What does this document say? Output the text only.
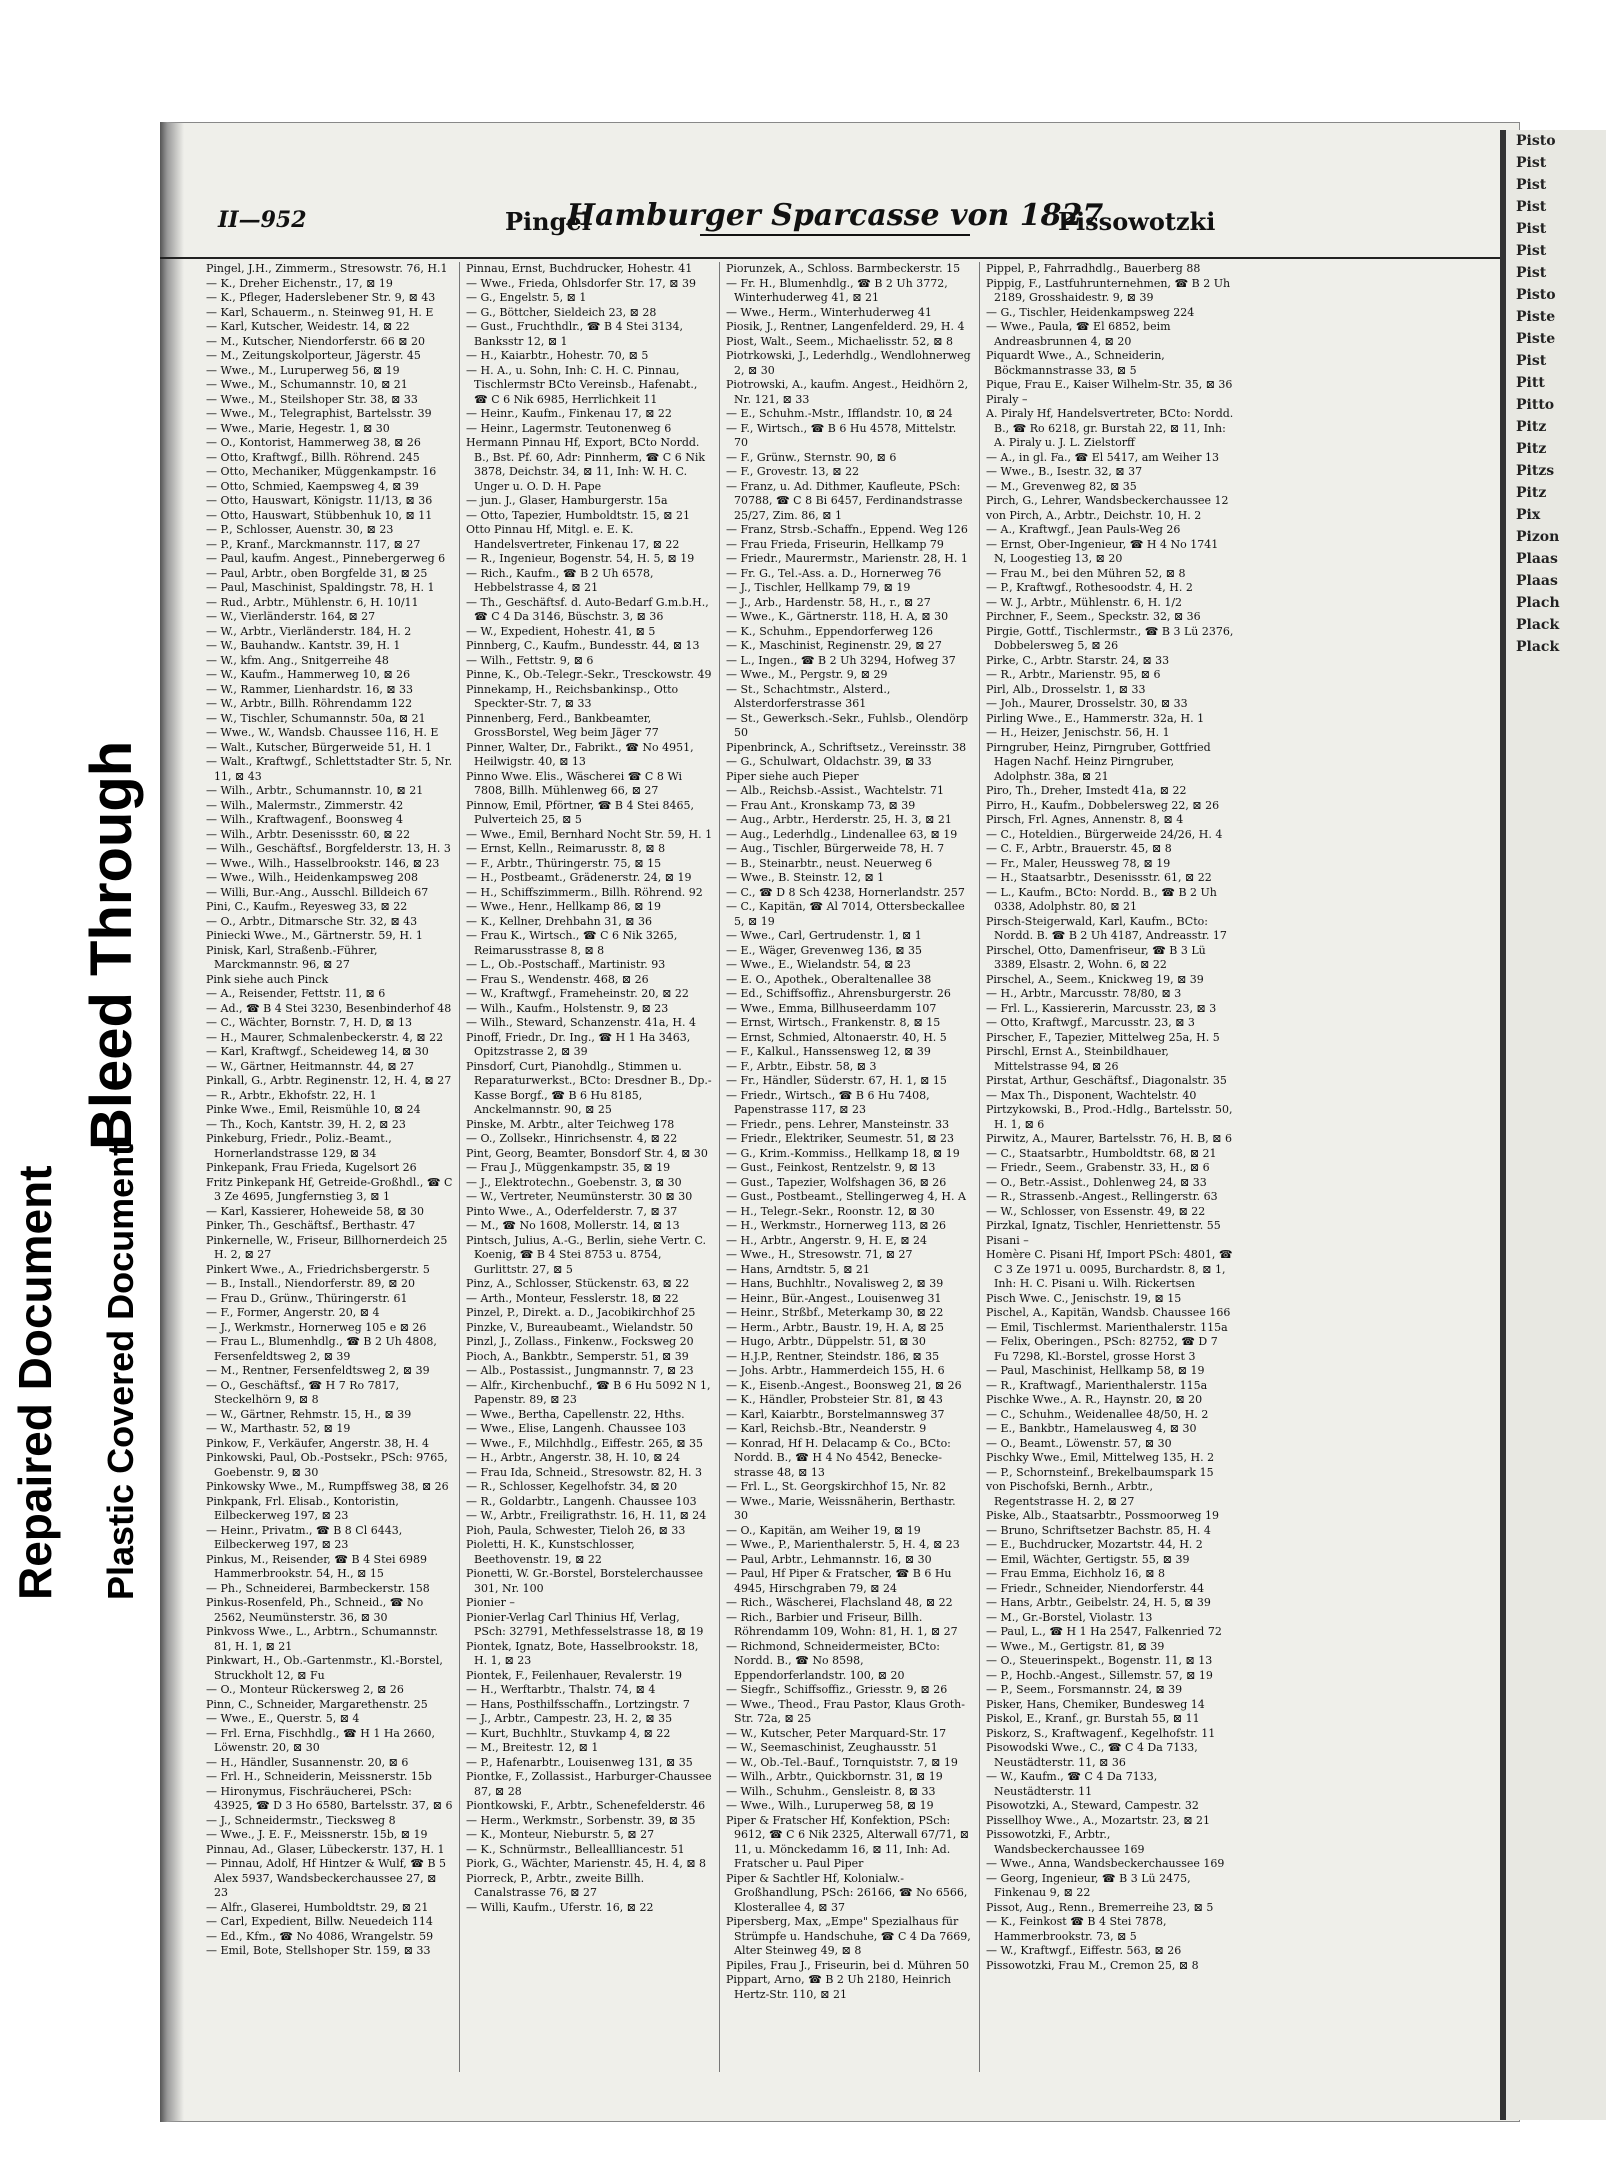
Bleed Through
Repaired Document Plastic Covered Document
II—952	Pingel
Hamburger Sparcasse von 1827
Pissowotzki
Pingel, J.H., Zimmerm., Stresowstr. 76, H.1
— K., Dreher Eichenstr., 17, ⊠ 19
— K., Pfleger, Haderslebener Str. 9, ⊠ 43
— Karl, Schauerm., n. Steinweg 91, H. E
— Karl, Kutscher, Weidestr. 14, ⊠ 22
— M., Kutscher, Niendorferstr. 66 ⊠ 20
— M., Zeitungskolporteur, Jägerstr. 45
— Wwe., M., Luruperweg 56, ⊠ 19
— Wwe., M., Schumannstr. 10, ⊠ 21
— Wwe., M., Steilshoper Str. 38, ⊠ 33
— Wwe., M., Telegraphist, Bartelsstr. 39
— Wwe., Marie, Hegestr. 1, ⊠ 30
— O., Kontorist, Hammerweg 38, ⊠ 26
— Otto, Kraftwgf., Billh. Röhrend. 245
— Otto, Mechaniker, Müggenkampstr. 16
— Otto, Schmied, Kaempsweg 4, ⊠ 39
— Otto, Hauswart, Königstr. 11/13, ⊠ 36
— Otto, Hauswart, Stübbenhuk 10, ⊠ 11
— P., Schlosser, Auenstr. 30, ⊠ 23
— P., Kranf., Marckmannstr. 117, ⊠ 27
— Paul, kaufm. Angest., Pinnebergerweg 6
— Paul, Arbtr., oben Borgfelde 31, ⊠ 25
— Paul, Maschinist, Spaldingstr. 78, H. 1
— Rud., Arbtr., Mühlenstr. 6, H. 10/11
— W., Vierländerstr. 164, ⊠ 27
— W., Arbtr., Vierländerstr. 184, H. 2
— W., Bauhandw.. Kantstr. 39, H. 1
— W., kfm. Ang., Snitgerreihe 48
— W., Kaufm., Hammerweg 10, ⊠ 26
— W., Rammer, Lienhardstr. 16, ⊠ 33
— W., Arbtr., Billh. Röhrendamm 122
— W., Tischler, Schumannstr. 50a, ⊠ 21
— Wwe., W., Wandsb. Chaussee 116, H. E
— Walt., Kutscher, Bürgerweide 51, H. 1
— Walt., Kraftwgf., Schlettstadter Str. 5, Nr. 11, ⊠ 43
— Wilh., Arbtr., Schumannstr. 10, ⊠ 21
— Wilh., Malermstr., Zimmerstr. 42
— Wilh., Kraftwagenf., Boonsweg 4
— Wilh., Arbtr. Desenissstr. 60, ⊠ 22
— Wilh., Geschäftsf., Borgfelderstr. 13, H. 3
— Wwe., Wilh., Hasselbrookstr. 146, ⊠ 23
— Wwe., Wilh., Heidenkampsweg 208
— Willi, Bur.-Ang., Ausschl. Billdeich 67
Pini, C., Kaufm., Reyesweg 33, ⊠ 22
— O., Arbtr., Ditmarsche Str. 32, ⊠ 43
Piniecki Wwe., M., Gärtnerstr. 59, H. 1
Pinisk, Karl, Straßenb.-Führer, Marckmannstr. 96, ⊠ 27
Pink siehe auch Pinck
— A., Reisender, Fettstr. 11, ⊠ 6
— Ad., ☎ B 4 Stei 3230, Besenbinderhof 48
— C., Wächter, Bornstr. 7, H. D, ⊠ 13
— H., Maurer, Schmalenbeckerstr. 4, ⊠ 22
— Karl, Kraftwgf., Scheideweg 14, ⊠ 30
— W., Gärtner, Heitmannstr. 44, ⊠ 27
Pinkall, G., Arbtr. Reginenstr. 12, H. 4, ⊠ 27
— R., Arbtr., Ekhofstr. 22, H. 1
Pinke Wwe., Emil, Reismühle 10, ⊠ 24
— Th., Koch, Kantstr. 39, H. 2, ⊠ 23
Pinkeburg, Friedr., Poliz.-Beamt., Hornerlandstrasse 129, ⊠ 34
Pinkepank, Frau Frieda, Kugelsort 26
Fritz Pinkepank Hf, Getreide-Großhdl., ☎ C 3 Ze 4695, Jungfernstieg 3, ⊠ 1
— Karl, Kassierer, Hoheweide 58, ⊠ 30
Pinker, Th., Geschäftsf., Berthastr. 47
Pinkernelle, W., Friseur, Billhornerdeich 25 H. 2, ⊠ 27
Pinkert Wwe., A., Friedrichsbergerstr. 5
— B., Install., Niendorferstr. 89, ⊠ 20
— Frau D., Grünw., Thüringerstr. 61
— F., Former, Angerstr. 20, ⊠ 4
— J., Werkmstr., Hornerweg 105 e ⊠ 26
— Frau L., Blumenhdlg., ☎ B 2 Uh 4808, Fersenfeldtsweg 2, ⊠ 39
— M., Rentner, Fersenfeldtsweg 2, ⊠ 39
— O., Geschäftsf., ☎ H 7 Ro 7817, Steckelhörn 9, ⊠ 8
— W., Gärtner, Rehmstr. 15, H., ⊠ 39
— W., Marthastr. 52, ⊠ 19
Pinkow, F., Verkäufer, Angerstr. 38, H. 4
Pinkowski, Paul, Ob.-Postsekr., PSch: 9765, Goebenstr. 9, ⊠ 30
Pinkowsky Wwe., M., Rumpffsweg 38, ⊠ 26
Pinkpank, Frl. Elisab., Kontoristin, Eilbeckerweg 197, ⊠ 23
— Heinr., Privatm., ☎ B 8 Cl 6443, Eilbeckerweg 197, ⊠ 23
Pinkus, M., Reisender, ☎ B 4 Stei 6989 Hammerbrookstr. 54, H., ⊠ 15
— Ph., Schneiderei, Barmbeckerstr. 158
Pinkus-Rosenfeld, Ph., Schneid., ☎ No 2562, Neumünsterstr. 36, ⊠ 30
Pinkvoss Wwe., L., Arbtrn., Schumannstr. 81, H. 1, ⊠ 21
Pinkwart, H., Ob.-Gartenmstr., Kl.-Borstel, Struckholt 12, ⊠ Fu
— O., Monteur Rückersweg 2, ⊠ 26
Pinn, C., Schneider, Margarethenstr. 25
— Wwe., E., Querstr. 5, ⊠ 4
— Frl. Erna, Fischhdlg., ☎ H 1 Ha 2660, Löwenstr. 20, ⊠ 30
— H., Händler, Susannenstr. 20, ⊠ 6
— Frl. H., Schneiderin, Meissnerstr. 15b
— Hironymus, Fischräucherei, PSch: 43925, ☎ D 3 Ho 6580, Bartelsstr. 37, ⊠ 6
— J., Schneidermstr., Tiecksweg 8
— Wwe., J. E. F., Meissnerstr. 15b, ⊠ 19
Pinnau, Ad., Glaser, Lübeckerstr. 137, H. 1
— Pinnau, Adolf, Hf Hintzer & Wulf, ☎ B 5 Alex 5937, Wandsbeckerchaussee 27, ⊠ 23
— Alfr., Glaserei, Humboldtstr. 29, ⊠ 21
— Carl, Expedient, Billw. Neuedeich 114
— Ed., Kfm., ☎ No 4086, Wrangelstr. 59
— Emil, Bote, Stellshoper Str. 159, ⊠ 33
Pinnau, Ernst, Buchdrucker, Hohestr. 41
— Wwe., Frieda, Ohlsdorfer Str. 17, ⊠ 39
— G., Engelstr. 5, ⊠ 1
— G., Böttcher, Sieldeich 23, ⊠ 28
— Gust., Fruchthdlr., ☎ B 4 Stei 3134, Banksstr 12, ⊠ 1
— H., Kaiarbtr., Hohestr. 70, ⊠ 5
— H. A., u. Sohn, Inh: C. H. C. Pinnau, Tischlermstr BCto Vereinsb., Hafenabt., ☎ C 6 Nik 6985, Herrlichkeit 11
— Heinr., Kaufm., Finkenau 17, ⊠ 22
— Heinr., Lagermstr. Teutonenweg 6
Hermann Pinnau Hf, Export, BCto Nordd. B., Bst. Pf. 60, Adr: Pinnherm, ☎ C 6 Nik 3878, Deichstr. 34, ⊠ 11, Inh: W. H. C. Unger u. O. D. H. Pape
— jun. J., Glaser, Hamburgerstr. 15a
— Otto, Tapezier, Humboldtstr. 15, ⊠ 21
Otto Pinnau Hf, Mitgl. e. E. K. Handelsvertreter, Finkenau 17, ⊠ 22
— R., Ingenieur, Bogenstr. 54, H. 5, ⊠ 19
— Rich., Kaufm., ☎ B 2 Uh 6578, Hebbelstrasse 4, ⊠ 21
— Th., Geschäftsf. d. Auto-Bedarf G.m.b.H., ☎ C 4 Da 3146, Büschstr. 3, ⊠ 36
— W., Expedient, Hohestr. 41, ⊠ 5
Pinnberg, C., Kaufm., Bundesstr. 44, ⊠ 13
— Wilh., Fettstr. 9, ⊠ 6
Pinne, K., Ob.-Telegr.-Sekr., Tresckowstr. 49
Pinnekamp, H., Reichsbankinsp., Otto Speckter-Str. 7, ⊠ 33
Pinnenberg, Ferd., Bankbeamter, GrossBorstel, Weg beim Jäger 77
Pinner, Walter, Dr., Fabrikt., ☎ No 4951, Heilwigstr. 40, ⊠ 13
Pinno Wwe. Elis., Wäscherei ☎ C 8 Wi 7808, Billh. Mühlenweg 66, ⊠ 27
Pinnow, Emil, Pförtner, ☎ B 4 Stei 8465, Pulverteich 25, ⊠ 5
— Wwe., Emil, Bernhard Nocht Str. 59, H. 1
— Ernst, Kelln., Reimarusstr. 8, ⊠ 8
— F., Arbtr., Thüringerstr. 75, ⊠ 15
— H., Postbeamt., Grädenerstr. 24, ⊠ 19
— H., Schiffszimmerm., Billh. Röhrend. 92
— Wwe., Henr., Hellkamp 86, ⊠ 19
— K., Kellner, Drehbahn 31, ⊠ 36
— Frau K., Wirtsch., ☎ C 6 Nik 3265, Reimarusstrasse 8, ⊠ 8
— L., Ob.-Postschaff., Martinistr. 93
— Frau S., Wendenstr. 468, ⊠ 26
— W., Kraftwgf., Frameheinstr. 20, ⊠ 22
— Wilh., Kaufm., Holstenstr. 9, ⊠ 23
— Wilh., Steward, Schanzenstr. 41a, H. 4
Pinoff, Friedr., Dr. Ing., ☎ H 1 Ha 3463, Opitzstrasse 2, ⊠ 39
Pinsdorf, Curt, Pianohdlg., Stimmen u. Reparaturwerkst., BCto: Dresdner B., Dp.-Kasse Borgf., ☎ B 6 Hu 8185, Anckelmannstr. 90, ⊠ 25
Pinske, M. Arbtr., alter Teichweg 178
— O., Zollsekr., Hinrichsenstr. 4, ⊠ 22
Pint, Georg, Beamter, Bonsdorf Str. 4, ⊠ 30
— Frau J., Müggenkampstr. 35, ⊠ 19
— J., Elektrotechn., Goebenstr. 3, ⊠ 30
— W., Vertreter, Neumünsterstr. 30 ⊠ 30
Pinto Wwe., A., Oderfelderstr. 7, ⊠ 37
— M., ☎ No 1608, Mollerstr. 14, ⊠ 13
Pintsch, Julius, A.-G., Berlin, siehe Vertr. C. Koenig, ☎ B 4 Stei 8753 u. 8754, Gurlittstr. 27, ⊠ 5
Pinz, A., Schlosser, Stückenstr. 63, ⊠ 22
— Arth., Monteur, Fesslerstr. 18, ⊠ 22
Pinzel, P., Direkt. a. D., Jacobikirchhof 25
Pinzke, V., Bureaubeamt., Wielandstr. 50
Pinzl, J., Zollass., Finkenw., Focksweg 20
Pioch, A., Bankbtr., Semperstr. 51, ⊠ 39
— Alb., Postassist., Jungmannstr. 7, ⊠ 23
— Alfr., Kirchenbuchf., ☎ B 6 Hu 5092 N 1, Papenstr. 89, ⊠ 23
— Wwe., Bertha, Capellenstr. 22, Hths.
— Wwe., Elise, Langenh. Chaussee 103
— Wwe., F., Milchhdlg., Eiffestr. 265, ⊠ 35
— H., Arbtr., Angerstr. 38, H. 10, ⊠ 24
— Frau Ida, Schneid., Stresowstr. 82, H. 3
— R., Schlosser, Kegelhofstr. 34, ⊠ 20
— R., Goldarbtr., Langenh. Chaussee 103
— W., Arbtr., Freiligrathstr. 16, H. 11, ⊠ 24
Pioh, Paula, Schwester, Tieloh 26, ⊠ 33
Pioletti, H. K., Kunstschlosser, Beethovenstr. 19, ⊠ 22
Pionetti, W. Gr.-Borstel, Borstelerchaussee 301, Nr. 100
Pionier –
Pionier-Verlag Carl Thinius Hf, Verlag, PSch: 32791, Methfesselstrasse 18, ⊠ 19
Piontek, Ignatz, Bote, Hasselbrookstr. 18, H. 1, ⊠ 23
Piontek, F., Feilenhauer, Revalerstr. 19
— H., Werftarbtr., Thalstr. 74, ⊠ 4
— Hans, Posthilfsschaffn., Lortzingstr. 7
— J., Arbtr., Campestr. 23, H. 2, ⊠ 35
— Kurt, Buchhltr., Stuvkamp 4, ⊠ 22
— M., Breitestr. 12, ⊠ 1
— P., Hafenarbtr., Louisenweg 131, ⊠ 35
Piontke, F., Zollassist., Harburger-Chaussee 87, ⊠ 28
Piontkowski, F., Arbtr., Schenefelderstr. 46
— Herm., Werkmstr., Sorbenstr. 39, ⊠ 35
— K., Monteur, Nieburstr. 5, ⊠ 27
— K., Schnürmstr., Belleallliancestr. 51
Piork, G., Wächter, Marienstr. 45, H. 4, ⊠ 8
Piorreck, P., Arbtr., zweite Billh. Canalstrasse 76, ⊠ 27
— Willi, Kaufm., Uferstr. 16, ⊠ 22
Piorunzek, A., Schloss. Barmbeckerstr. 15
— Fr. H., Blumenhdlg., ☎ B 2 Uh 3772, Winterhuderweg 41, ⊠ 21
— Wwe., Herm., Winterhuderweg 41
Piosik, J., Rentner, Langenfelderd. 29, H. 4
Piost, Walt., Seem., Michaelisstr. 52, ⊠ 8
Piotrkowski, J., Lederhdlg., Wendlohnerweg 2, ⊠ 30
Piotrowski, A., kaufm. Angest., Heidhörn 2, Nr. 121, ⊠ 33
— E., Schuhm.-Mstr., Ifflandstr. 10, ⊠ 24
— F., Wirtsch., ☎ B 6 Hu 4578, Mittelstr. 70
— F., Grünw., Sternstr. 90, ⊠ 6
— F., Grovestr. 13, ⊠ 22
— Franz, u. Ad. Dithmer, Kaufleute, PSch: 70788, ☎ C 8 Bi 6457, Ferdinandstrasse 25/27, Zim. 86, ⊠ 1
— Franz, Strsb.-Schaffn., Eppend. Weg 126
— Frau Frieda, Friseurin, Hellkamp 79
— Friedr., Maurermstr., Marienstr. 28, H. 1
— Fr. G., Tel.-Ass. a. D., Hornerweg 76
— J., Tischler, Hellkamp 79, ⊠ 19
— J., Arb., Hardenstr. 58, H., r., ⊠ 27
— Wwe., K., Gärtnerstr. 118, H. A, ⊠ 30
— K., Schuhm., Eppendorferweg 126
— K., Maschinist, Reginenstr. 29, ⊠ 27
— L., Ingen., ☎ B 2 Uh 3294, Hofweg 37
— Wwe., M., Pergstr. 9, ⊠ 29
— St., Schachtmstr., Alsterd., Alsterdorferstrasse 361
— St., Gewerksch.-Sekr., Fuhlsb., Olendörp 50
Pipenbrinck, A., Schriftsetz., Vereinsstr. 38
— G., Schulwart, Oldachstr. 39, ⊠ 33
Piper siehe auch Pieper
— Alb., Reichsb.-Assist., Wachtelstr. 71
— Frau Ant., Kronskamp 73, ⊠ 39
— Aug., Arbtr., Herderstr. 25, H. 3, ⊠ 21
— Aug., Lederhdlg., Lindenallee 63, ⊠ 19
— Aug., Tischler, Bürgerweide 78, H. 7
— B., Steinarbtr., neust. Neuerweg 6
— Wwe., B. Steinstr. 12, ⊠ 1
— C., ☎ D 8 Sch 4238, Hornerlandstr. 257
— C., Kapitän, ☎ Al 7014, Ottersbeckallee 5, ⊠ 19
— Wwe., Carl, Gertrudenstr. 1, ⊠ 1
— E., Wäger, Grevenweg 136, ⊠ 35
— Wwe., E., Wielandstr. 54, ⊠ 23
— E. O., Apothek., Oberaltenallee 38
— Ed., Schiffsoffiz., Ahrensburgerstr. 26
— Wwe., Emma, Billhuseerdamm 107
— Ernst, Wirtsch., Frankenstr. 8, ⊠ 15
— Ernst, Schmied, Altonaerstr. 40, H. 5
— F., Kalkul., Hanssensweg 12, ⊠ 39
— F., Arbtr., Eibstr. 58, ⊠ 3
— Fr., Händler, Süderstr. 67, H. 1, ⊠ 15
— Friedr., Wirtsch., ☎ B 6 Hu 7408, Papenstrasse 117, ⊠ 23
— Friedr., pens. Lehrer, Mansteinstr. 33
— Friedr., Elektriker, Seumestr. 51, ⊠ 23
— G., Krim.-Kommiss., Hellkamp 18, ⊠ 19
— Gust., Feinkost, Rentzelstr. 9, ⊠ 13
— Gust., Tapezier, Wolfshagen 36, ⊠ 26
— Gust., Postbeamt., Stellingerweg 4, H. A
— H., Telegr.-Sekr., Roonstr. 12, ⊠ 30
— H., Werkmstr., Hornerweg 113, ⊠ 26
— H., Arbtr., Angerstr. 9, H. E, ⊠ 24
— Wwe., H., Stresowstr. 71, ⊠ 27
— Hans, Arndtstr. 5, ⊠ 21
— Hans, Buchhltr., Novalisweg 2, ⊠ 39
— Heinr., Bür.-Angest., Louisenweg 31
— Heinr., Strßbf., Meterkamp 30, ⊠ 22
— Herm., Arbtr., Baustr. 19, H. A, ⊠ 25
— Hugo, Arbtr., Düppelstr. 51, ⊠ 30
— H.J.P., Rentner, Steindstr. 186, ⊠ 35
— Johs. Arbtr., Hammerdeich 155, H. 6
— K., Eisenb.-Angest., Boonsweg 21, ⊠ 26
— K., Händler, Probsteier Str. 81, ⊠ 43
— Karl, Kaiarbtr., Borstelmannsweg 37
— Karl, Reichsb.-Btr., Neanderstr. 9
— Konrad, Hf H. Delacamp & Co., BCto: Nordd. B., ☎ H 4 No 4542, Benecke-strasse 48, ⊠ 13
— Frl. L., St. Georgskirchhof 15, Nr. 82
— Wwe., Marie, Weissnäherin, Berthastr. 30
— O., Kapitän, am Weiher 19, ⊠ 19
— Wwe., P., Marienthalerstr. 5, H. 4, ⊠ 23
— Paul, Arbtr., Lehmannstr. 16, ⊠ 30
— Paul, Hf Piper & Fratscher, ☎ B 6 Hu 4945, Hirschgraben 79, ⊠ 24
— Rich., Wäscherei, Flachsland 48, ⊠ 22
— Rich., Barbier und Friseur, Billh. Röhrendamm 109, Wohn: 81, H. 1, ⊠ 27
— Richmond, Schneidermeister, BCto: Nordd. B., ☎ No 8598, Eppendorferlandstr. 100, ⊠ 20
— Siegfr., Schiffsoffiz., Griesstr. 9, ⊠ 26
— Wwe., Theod., Frau Pastor, Klaus Groth-Str. 72a, ⊠ 25
— W., Kutscher, Peter Marquard-Str. 17
— W., Seemaschinist, Zeughausstr. 51
— W., Ob.-Tel.-Bauf., Tornquiststr. 7, ⊠ 19
— Wilh., Arbtr., Quickbornstr. 31, ⊠ 19
— Wilh., Schuhm., Gensleistr. 8, ⊠ 33
— Wwe., Wilh., Luruperweg 58, ⊠ 19
Piper & Fratscher Hf, Konfektion, PSch: 9612, ☎ C 6 Nik 2325, Alterwall 67/71, ⊠ 11, u. Mönckedamm 16, ⊠ 11, Inh: Ad. Fratscher u. Paul Piper
Piper & Sachtler Hf, Kolonialw.-Großhandlung, PSch: 26166, ☎ No 6566, Klosterallee 4, ⊠ 37
Pipersberg, Max, „Empe" Spezialhaus für Strümpfe u. Handschuhe, ☎ C 4 Da 7669, Alter Steinweg 49, ⊠ 8
Pipiles, Frau J., Friseurin, bei d. Mühren 50
Pippart, Arno, ☎ B 2 Uh 2180, Heinrich Hertz-Str. 110, ⊠ 21
Pippel, P., Fahrradhdlg., Bauerberg 88
Pippig, F., Lastfuhrunternehmen, ☎ B 2 Uh 2189, Grosshaidestr. 9, ⊠ 39
— G., Tischler, Heidenkampsweg 224
— Wwe., Paula, ☎ El 6852, beim Andreasbrunnen 4, ⊠ 20
Piquardt Wwe., A., Schneiderin, Böckmannstrasse 33, ⊠ 5
Pique, Frau E., Kaiser Wilhelm-Str. 35, ⊠ 36
Piraly –
A. Piraly Hf, Handelsvertreter, BCto: Nordd. B., ☎ Ro 6218, gr. Burstah 22, ⊠ 11, Inh: A. Piraly u. J. L. Zielstorff
— A., in gl. Fa., ☎ El 5417, am Weiher 13
— Wwe., B., Isestr. 32, ⊠ 37
— M., Grevenweg 82, ⊠ 35
Pirch, G., Lehrer, Wandsbeckerchaussee 12
von Pirch, A., Arbtr., Deichstr. 10, H. 2
— A., Kraftwgf., Jean Pauls-Weg 26
— Ernst, Ober-Ingenieur, ☎ H 4 No 1741 N, Loogestieg 13, ⊠ 20
— Frau M., bei den Mühren 52, ⊠ 8
— P., Kraftwgf., Rothesoodstr. 4, H. 2
— W. J., Arbtr., Mühlenstr. 6, H. 1/2
Pirchner, F., Seem., Speckstr. 32, ⊠ 36
Pirgie, Gottf., Tischlermstr., ☎ B 3 Lü 2376, Dobbelersweg 5, ⊠ 26
Pirke, C., Arbtr. Starstr. 24, ⊠ 33
— R., Arbtr., Marienstr. 95, ⊠ 6
Pirl, Alb., Drosselstr. 1, ⊠ 33
— Joh., Maurer, Drosselstr. 30, ⊠ 33
Pirling Wwe., E., Hammerstr. 32a, H. 1
— H., Heizer, Jenischstr. 56, H. 1
Pirngruber, Heinz, Pirngruber, Gottfried Hagen Nachf. Heinz Pirngruber, Adolphstr. 38a, ⊠ 21
Piro, Th., Dreher, Imstedt 41a, ⊠ 22
Pirro, H., Kaufm., Dobbelersweg 22, ⊠ 26
Pirsch, Frl. Agnes, Annenstr. 8, ⊠ 4
— C., Hoteldien., Bürgerweide 24/26, H. 4
— C. F., Arbtr., Brauerstr. 45, ⊠ 8
— Fr., Maler, Heussweg 78, ⊠ 19
— H., Staatsarbtr., Desenissstr. 61, ⊠ 22
— L., Kaufm., BCto: Nordd. B., ☎ B 2 Uh 0338, Adolphstr. 80, ⊠ 21
Pirsch-Steigerwald, Karl, Kaufm., BCto: Nordd. B. ☎ B 2 Uh 4187, Andreasstr. 17
Pirschel, Otto, Damenfriseur, ☎ B 3 Lü 3389, Elsastr. 2, Wohn. 6, ⊠ 22
Pirschel, A., Seem., Knickweg 19, ⊠ 39
— H., Arbtr., Marcusstr. 78/80, ⊠ 3
— Frl. L., Kassiererin, Marcusstr. 23, ⊠ 3
— Otto, Kraftwgf., Marcusstr. 23, ⊠ 3
Pirscher, F., Tapezier, Mittelweg 25a, H. 5
Pirschl, Ernst A., Steinbildhauer, Mittelstrasse 94, ⊠ 26
Pirstat, Arthur, Geschäftsf., Diagonalstr. 35
— Max Th., Disponent, Wachtelstr. 40
Pirtzykowski, B., Prod.-Hdlg., Bartelsstr. 50, H. 1, ⊠ 6
Pirwitz, A., Maurer, Bartelsstr. 76, H. B, ⊠ 6
— C., Staatsarbtr., Humboldtstr. 68, ⊠ 21
— Friedr., Seem., Grabenstr. 33, H., ⊠ 6
— O., Betr.-Assist., Dohlenweg 24, ⊠ 33
— R., Strassenb.-Angest., Rellingerstr. 63
— W., Schlosser, von Essenstr. 49, ⊠ 22
Pirzkal, Ignatz, Tischler, Henriettenstr. 55
Pisani –
Homère C. Pisani Hf, Import PSch: 4801, ☎ C 3 Ze 1971 u. 0095, Burchardstr. 8, ⊠ 1, Inh: H. C. Pisani u. Wilh. Rickertsen
Pisch Wwe. C., Jenischstr. 19, ⊠ 15
Pischel, A., Kapitän, Wandsb. Chaussee 166
— Emil, Tischlermst. Marienthalerstr. 115a
— Felix, Oberingen., PSch: 82752, ☎ D 7 Fu 7298, Kl.-Borstel, grosse Horst 3
— Paul, Maschinist, Hellkamp 58, ⊠ 19
— R., Kraftwagf., Marienthalerstr. 115a
Pischke Wwe., A. R., Haynstr. 20, ⊠ 20
— C., Schuhm., Weidenallee 48/50, H. 2
— E., Bankbtr., Hamelausweg 4, ⊠ 30
— O., Beamt., Löwenstr. 57, ⊠ 30
Pischky Wwe., Emil, Mittelweg 135, H. 2
— P., Schornsteinf., Brekelbaumspark 15
von Pischofski, Bernh., Arbtr., Regentstrasse H. 2, ⊠ 27
Piske, Alb., Staatsarbtr., Possmoorweg 19
— Bruno, Schriftsetzer Bachstr. 85, H. 4
— E., Buchdrucker, Mozartstr. 44, H. 2
— Emil, Wächter, Gertigstr. 55, ⊠ 39
— Frau Emma, Eichholz 16, ⊠ 8
— Friedr., Schneider, Niendorferstr. 44
— Hans, Arbtr., Geibelstr. 24, H. 5, ⊠ 39
— M., Gr.-Borstel, Violastr. 13
— Paul, L., ☎ H 1 Ha 2547, Falkenried 72
— Wwe., M., Gertigstr. 81, ⊠ 39
— O., Steuerinspekt., Bogenstr. 11, ⊠ 13
— P., Hochb.-Angest., Sillemstr. 57, ⊠ 19
— P., Seem., Forsmannstr. 24, ⊠ 39
Pisker, Hans, Chemiker, Bundesweg 14
Piskol, E., Kranf., gr. Burstah 55, ⊠ 11
Piskorz, S., Kraftwagenf., Kegelhofstr. 11
Pisowodski Wwe., C., ☎ C 4 Da 7133, Neustädterstr. 11, ⊠ 36
— W., Kaufm., ☎ C 4 Da 7133, Neustädterstr. 11
Pisowotzki, A., Steward, Campestr. 32
Pissellhoy Wwe., A., Mozartstr. 23, ⊠ 21
Pissowotzki, F., Arbtr., Wandsbeckerchaussee 169
— Wwe., Anna, Wandsbeckerchaussee 169
— Georg, Ingenieur, ☎ B 3 Lü 2475, Finkenau 9, ⊠ 22
Pissot, Aug., Renn., Bremerreihe 23, ⊠ 5
— K., Feinkost ☎ B 4 Stei 7878, Hammerbrookstr. 73, ⊠ 5
— W., Kraftwgf., Eiffestr. 563, ⊠ 26
Pissowotzki, Frau M., Cremon 25, ⊠ 8
Pisto
Pist
Pist
Pist
Pist
Pist
Pist
Pisto
Piste
Piste
Pist
Pitt
Pitto
Pitz
Pitz
Pitzs
Pitz
Pix
Pizon
Plaas
Plaas
Plach
Plack
Plack
